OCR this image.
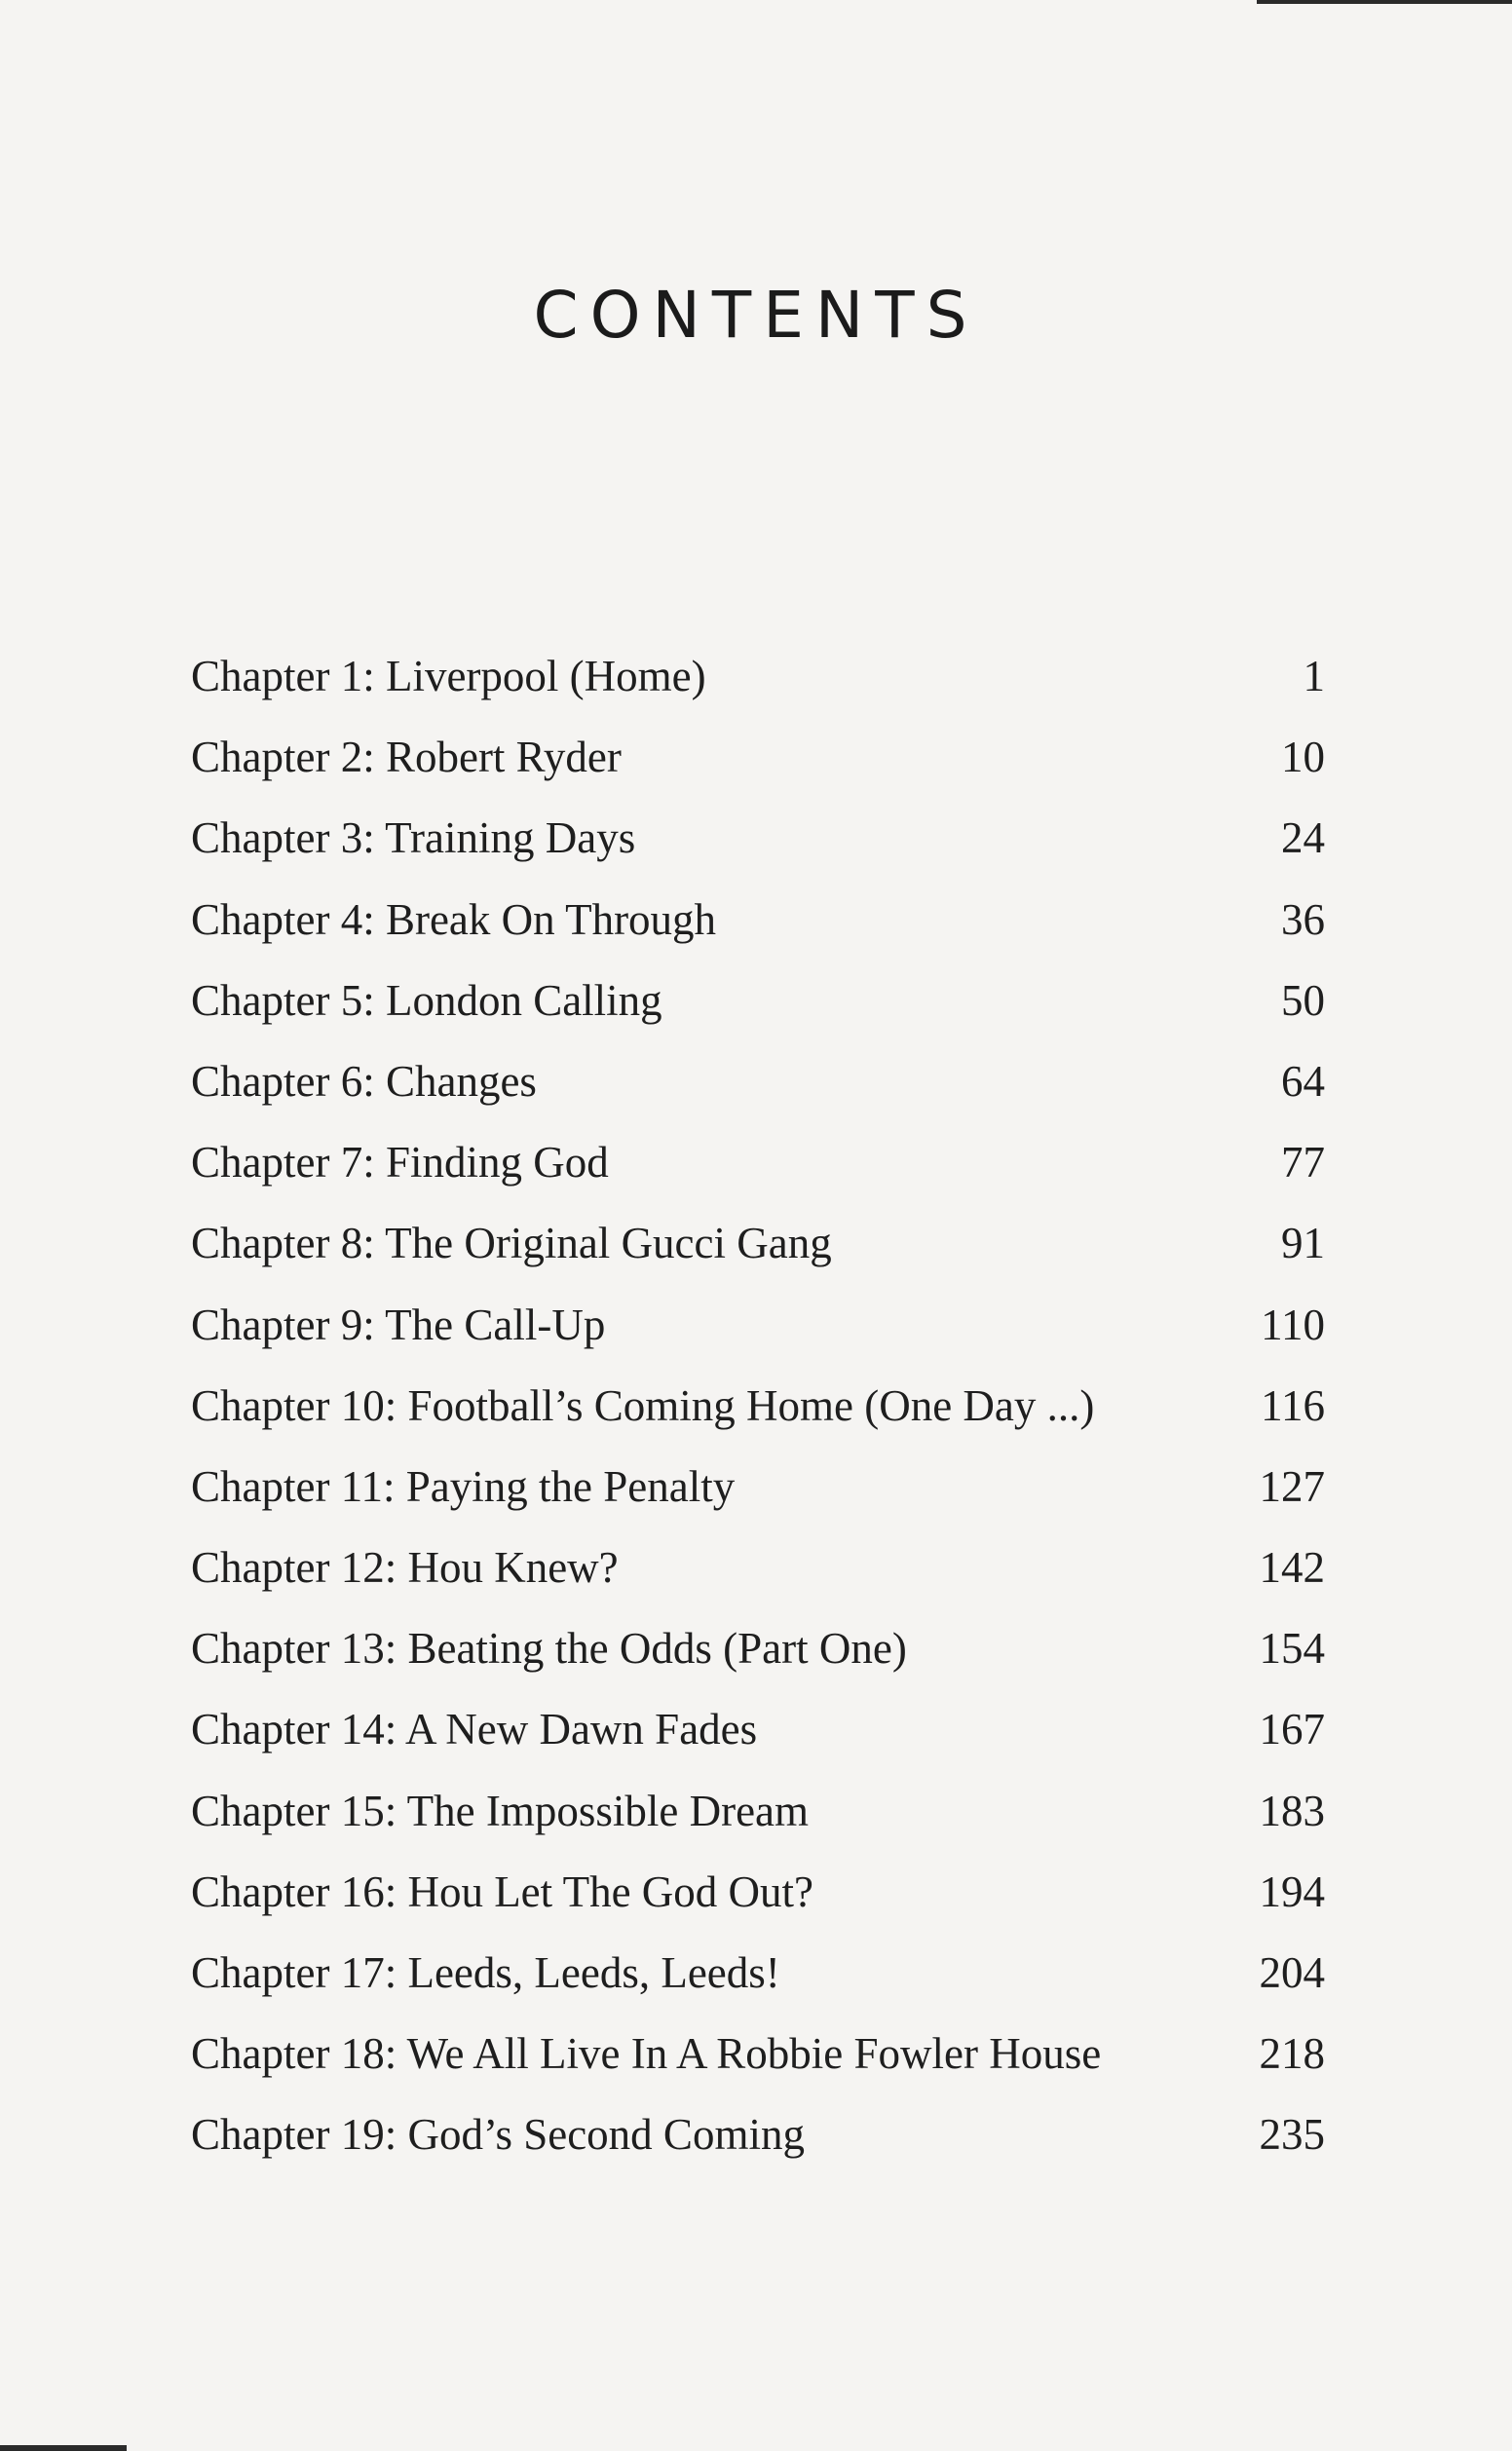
CONTENTS
Chapter 1: Liverpool (Home)	1
Chapter 2: Robert Ryder	10
Chapter 3: Training Days	24
Chapter 4: Break On Through	36
Chapter 5: London Calling	50
Chapter 6: Changes	64
Chapter 7: Finding God	77
Chapter 8: The Original Gucci Gang	91
Chapter 9: The Call-Up	110
Chapter 10: Football’s Coming Home (One Day ...)	116
Chapter 11: Paying the Penalty	127
Chapter 12: Hou Knew?	142
Chapter 13: Beating the Odds (Part One)	154
Chapter 14: A New Dawn Fades	167
Chapter 15: The Impossible Dream	183
Chapter 16: Hou Let The God Out?	194
Chapter 17: Leeds, Leeds, Leeds!	204
Chapter 18: We All Live In A Robbie Fowler House	218
Chapter 19: God’s Second Coming	235
